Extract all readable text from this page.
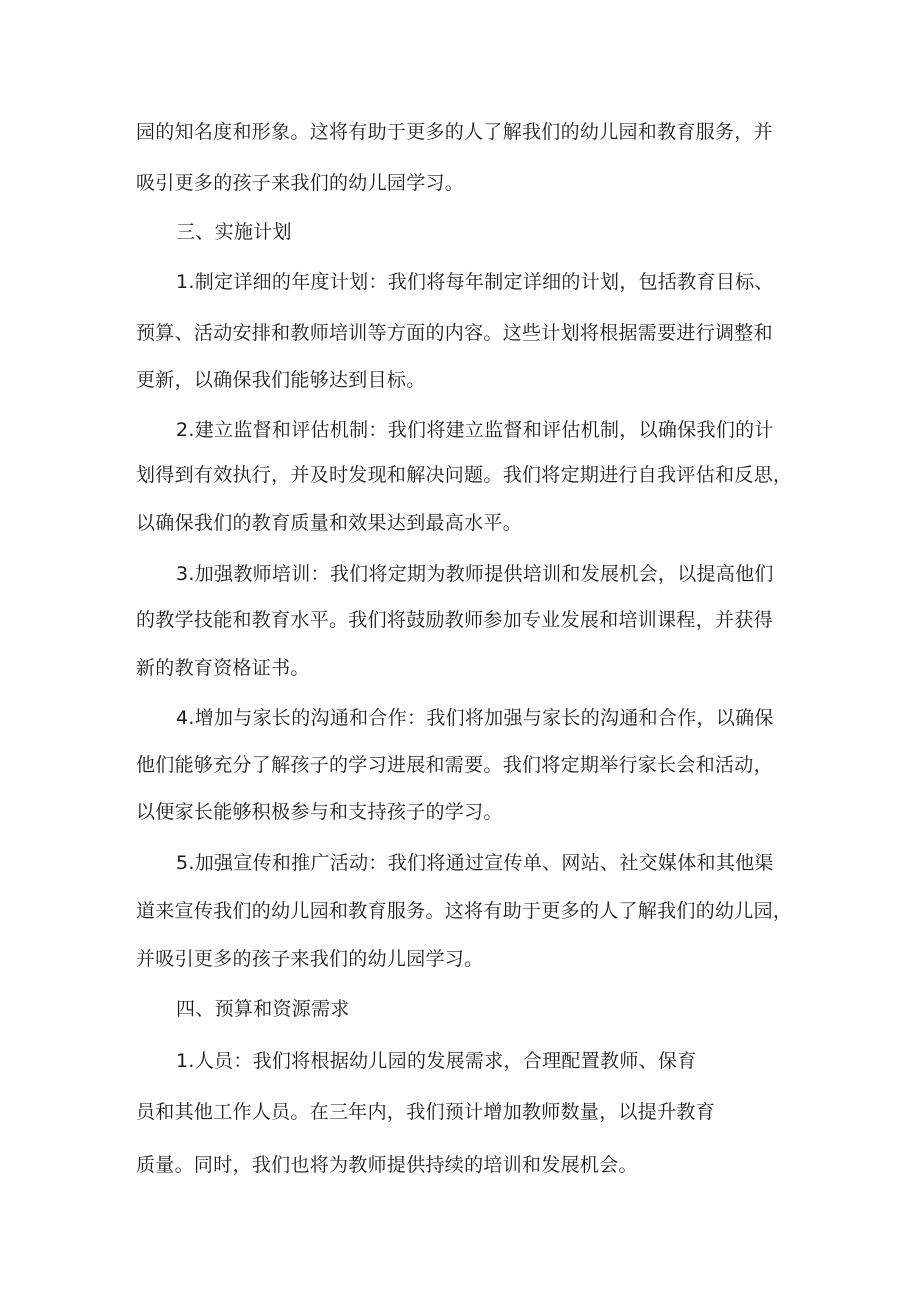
园的知名度和形象。这将有助于更多的人了解我们的幼儿园和教育服务，并
吸引更多的孩子来我们的幼儿园学习。
三、实施计划
1.制定详细的年度计划：我们将每年制定详细的计划，包括教育目标、
预算、活动安排和教师培训等方面的内容。这些计划将根据需要进行调整和
更新，以确保我们能够达到目标。
2.建立监督和评估机制：我们将建立监督和评估机制，以确保我们的计
划得到有效执行，并及时发现和解决问题。我们将定期进行自我评估和反思，
以确保我们的教育质量和效果达到最高水平。
3.加强教师培训：我们将定期为教师提供培训和发展机会，以提高他们
的教学技能和教育水平。我们将鼓励教师参加专业发展和培训课程，并获得
新的教育资格证书。
4.增加与家长的沟通和合作：我们将加强与家长的沟通和合作，以确保
他们能够充分了解孩子的学习进展和需要。我们将定期举行家长会和活动，
以便家长能够积极参与和支持孩子的学习。
5.加强宣传和推广活动：我们将通过宣传单、网站、社交媒体和其他渠
道来宣传我们的幼儿园和教育服务。这将有助于更多的人了解我们的幼儿园，
并吸引更多的孩子来我们的幼儿园学习。
四、预算和资源需求
1.人员：我们将根据幼儿园的发展需求，合理配置教师、保育
员和其他工作人员。在三年内，我们预计增加教师数量，以提升教育
质量。同时，我们也将为教师提供持续的培训和发展机会。
